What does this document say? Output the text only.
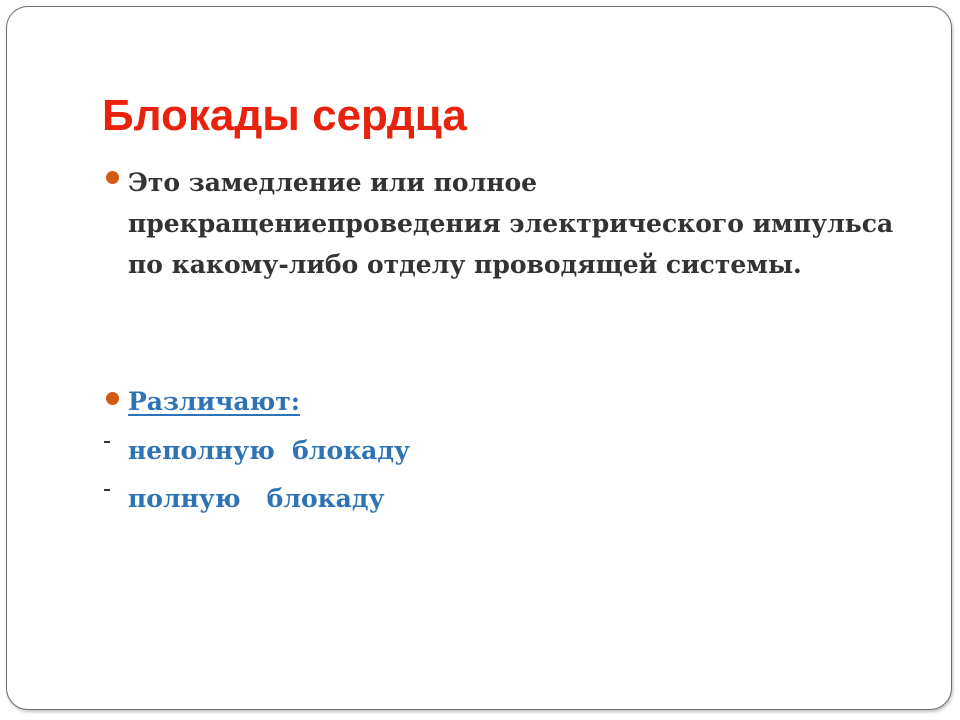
Блокады сердца

Это замедление или полное прекращениепроведения электрического импульса по какому-либо отделу проводящей системы.

Различают:

неполную  блокаду

полную   блокаду
